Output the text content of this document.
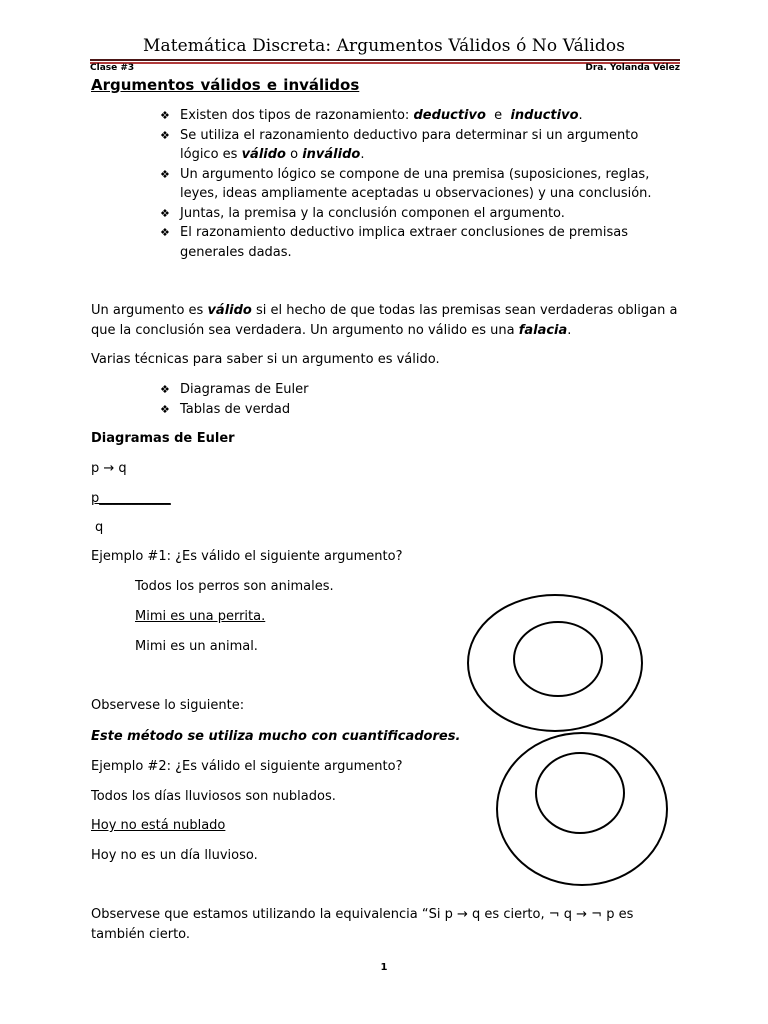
Matemática Discreta: Argumentos Válidos ó No Válidos
Clase #3	Dra. Yolanda Vélez
Argumentos válidos e inválidos
❖ Existen dos tipos de razonamiento: deductivo  e  inductivo.
❖ Se utiliza el razonamiento deductivo para determinar si un argumento lógico es válido o inválido.
❖ Un argumento lógico se compone de una premisa (suposiciones, reglas, leyes, ideas ampliamente aceptadas u observaciones) y una conclusión.
❖ Juntas, la premisa y la conclusión componen el argumento.
❖ El razonamiento deductivo implica extraer conclusiones de premisas generales dadas.
Un argumento es válido si el hecho de que todas las premisas sean verdaderas obligan a que la conclusión sea verdadera. Un argumento no válido es una falacia.
Varias técnicas para saber si un argumento es válido.
❖ Diagramas de Euler
❖ Tablas de verdad
Diagramas de Euler
p → q
p___________
q
Ejemplo #1: ¿Es válido el siguiente argumento?
Todos los perros son animales.
Mimi es una perrita.
Mimi es un animal.
Observese lo siguiente:
Este método se utiliza mucho con cuantificadores.
Ejemplo #2: ¿Es válido el siguiente argumento?
Todos los días lluviosos son nublados.
Hoy no está nublado
Hoy no es un día lluvioso.
Observese que estamos utilizando la equivalencia “Si p → q es cierto, ¬ q → ¬ p es también cierto.
1
